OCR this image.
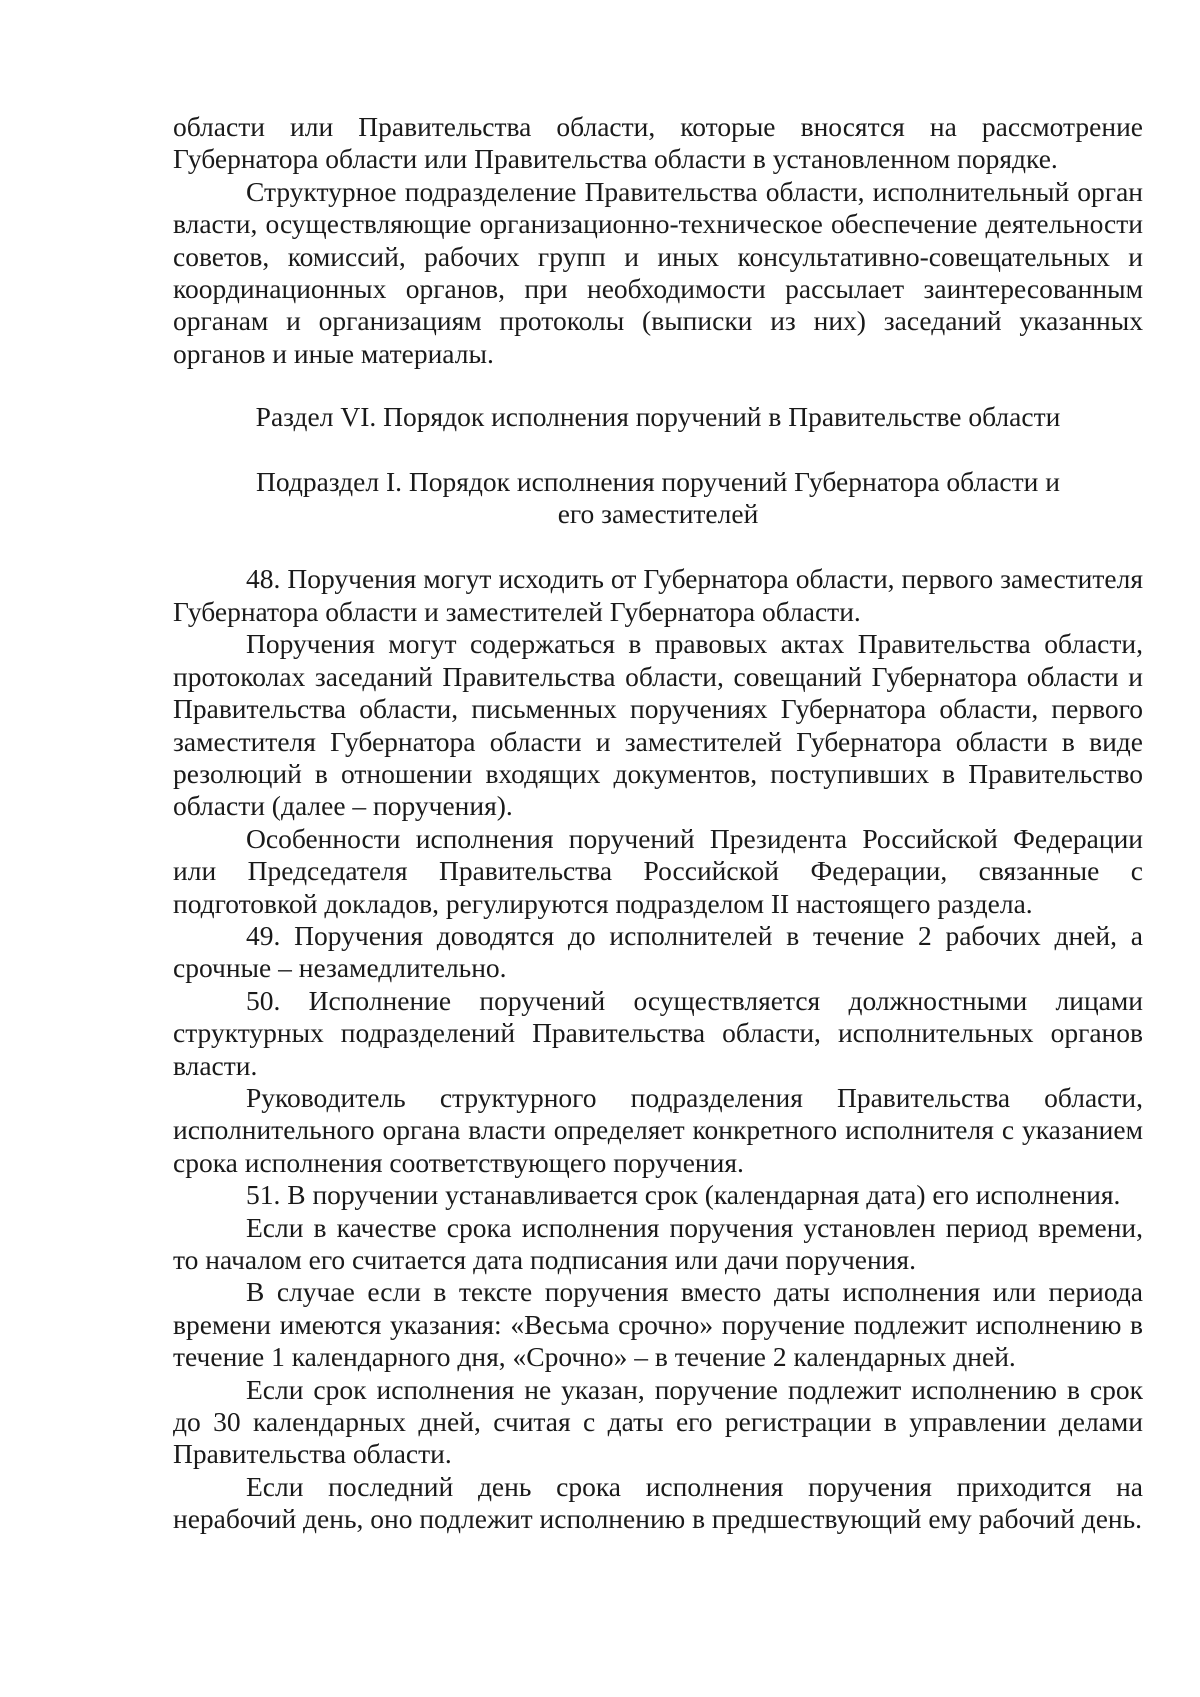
области или Правительства области, которые вносятся на рассмотрение Губернатора области или Правительства области в установленном порядке.

Структурное подразделение Правительства области, исполнительный орган власти, осуществляющие организационно-техническое обеспечение деятельности советов, комиссий, рабочих групп и иных консультативно-совещательных и координационных органов, при необходимости рассылает заинтересованным органам и организациям протоколы (выписки из них) заседаний указанных органов и иные материалы.

Раздел VI. Порядок исполнения поручений в Правительстве области

Подраздел I. Порядок исполнения поручений Губернатора области и его заместителей

48. Поручения могут исходить от Губернатора области, первого заместителя Губернатора области и заместителей Губернатора области.

Поручения могут содержаться в правовых актах Правительства области, протоколах заседаний Правительства области, совещаний Губернатора области и Правительства области, письменных поручениях Губернатора области, первого заместителя Губернатора области и заместителей Губернатора области в виде резолюций в отношении входящих документов, поступивших в Правительство области (далее – поручения).

Особенности исполнения поручений Президента Российской Федерации или Председателя Правительства Российской Федерации, связанные с подготовкой докладов, регулируются подразделом II настоящего раздела.

49. Поручения доводятся до исполнителей в течение 2 рабочих дней, а срочные – незамедлительно.

50. Исполнение поручений осуществляется должностными лицами структурных подразделений Правительства области, исполнительных органов власти.

Руководитель структурного подразделения Правительства области, исполнительного органа власти определяет конкретного исполнителя с указанием срока исполнения соответствующего поручения.

51. В поручении устанавливается срок (календарная дата) его исполнения.

Если в качестве срока исполнения поручения установлен период времени, то началом его считается дата подписания или дачи поручения.

В случае если в тексте поручения вместо даты исполнения или периода времени имеются указания: «Весьма срочно» поручение подлежит исполнению в течение 1 календарного дня, «Срочно» – в течение 2 календарных дней.

Если срок исполнения не указан, поручение подлежит исполнению в срок до 30 календарных дней, считая с даты его регистрации в управлении делами Правительства области.

Если последний день срока исполнения поручения приходится на нерабочий день, оно подлежит исполнению в предшествующий ему рабочий день.
